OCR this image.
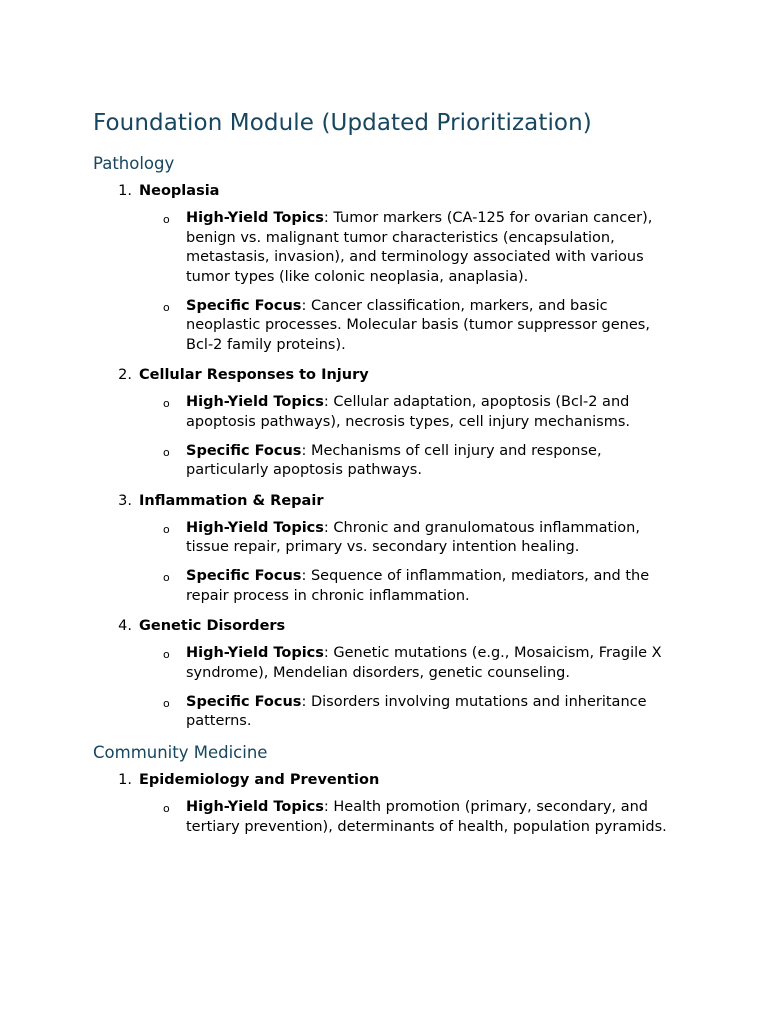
Foundation Module (Updated Prioritization)
Pathology
1. Neoplasia
o	High-Yield Topics: Tumor markers (CA-125 for ovarian cancer), benign vs. malignant tumor characteristics (encapsulation, metastasis, invasion), and terminology associated with various tumor types (like colonic neoplasia, anaplasia).
o	Specific Focus: Cancer classification, markers, and basic neoplastic processes. Molecular basis (tumor suppressor genes, Bcl-2 family proteins).
2. Cellular Responses to Injury
o	High-Yield Topics: Cellular adaptation, apoptosis (Bcl-2 and apoptosis pathways), necrosis types, cell injury mechanisms.
o	Specific Focus: Mechanisms of cell injury and response, particularly apoptosis pathways.
3. Inflammation & Repair
o	High-Yield Topics: Chronic and granulomatous inflammation, tissue repair, primary vs. secondary intention healing.
o	Specific Focus: Sequence of inflammation, mediators, and the repair process in chronic inflammation.
4. Genetic Disorders
o	High-Yield Topics: Genetic mutations (e.g., Mosaicism, Fragile X syndrome), Mendelian disorders, genetic counseling.
o	Specific Focus: Disorders involving mutations and inheritance patterns.
Community Medicine
1. Epidemiology and Prevention
o	High-Yield Topics: Health promotion (primary, secondary, and tertiary prevention), determinants of health, population pyramids.
